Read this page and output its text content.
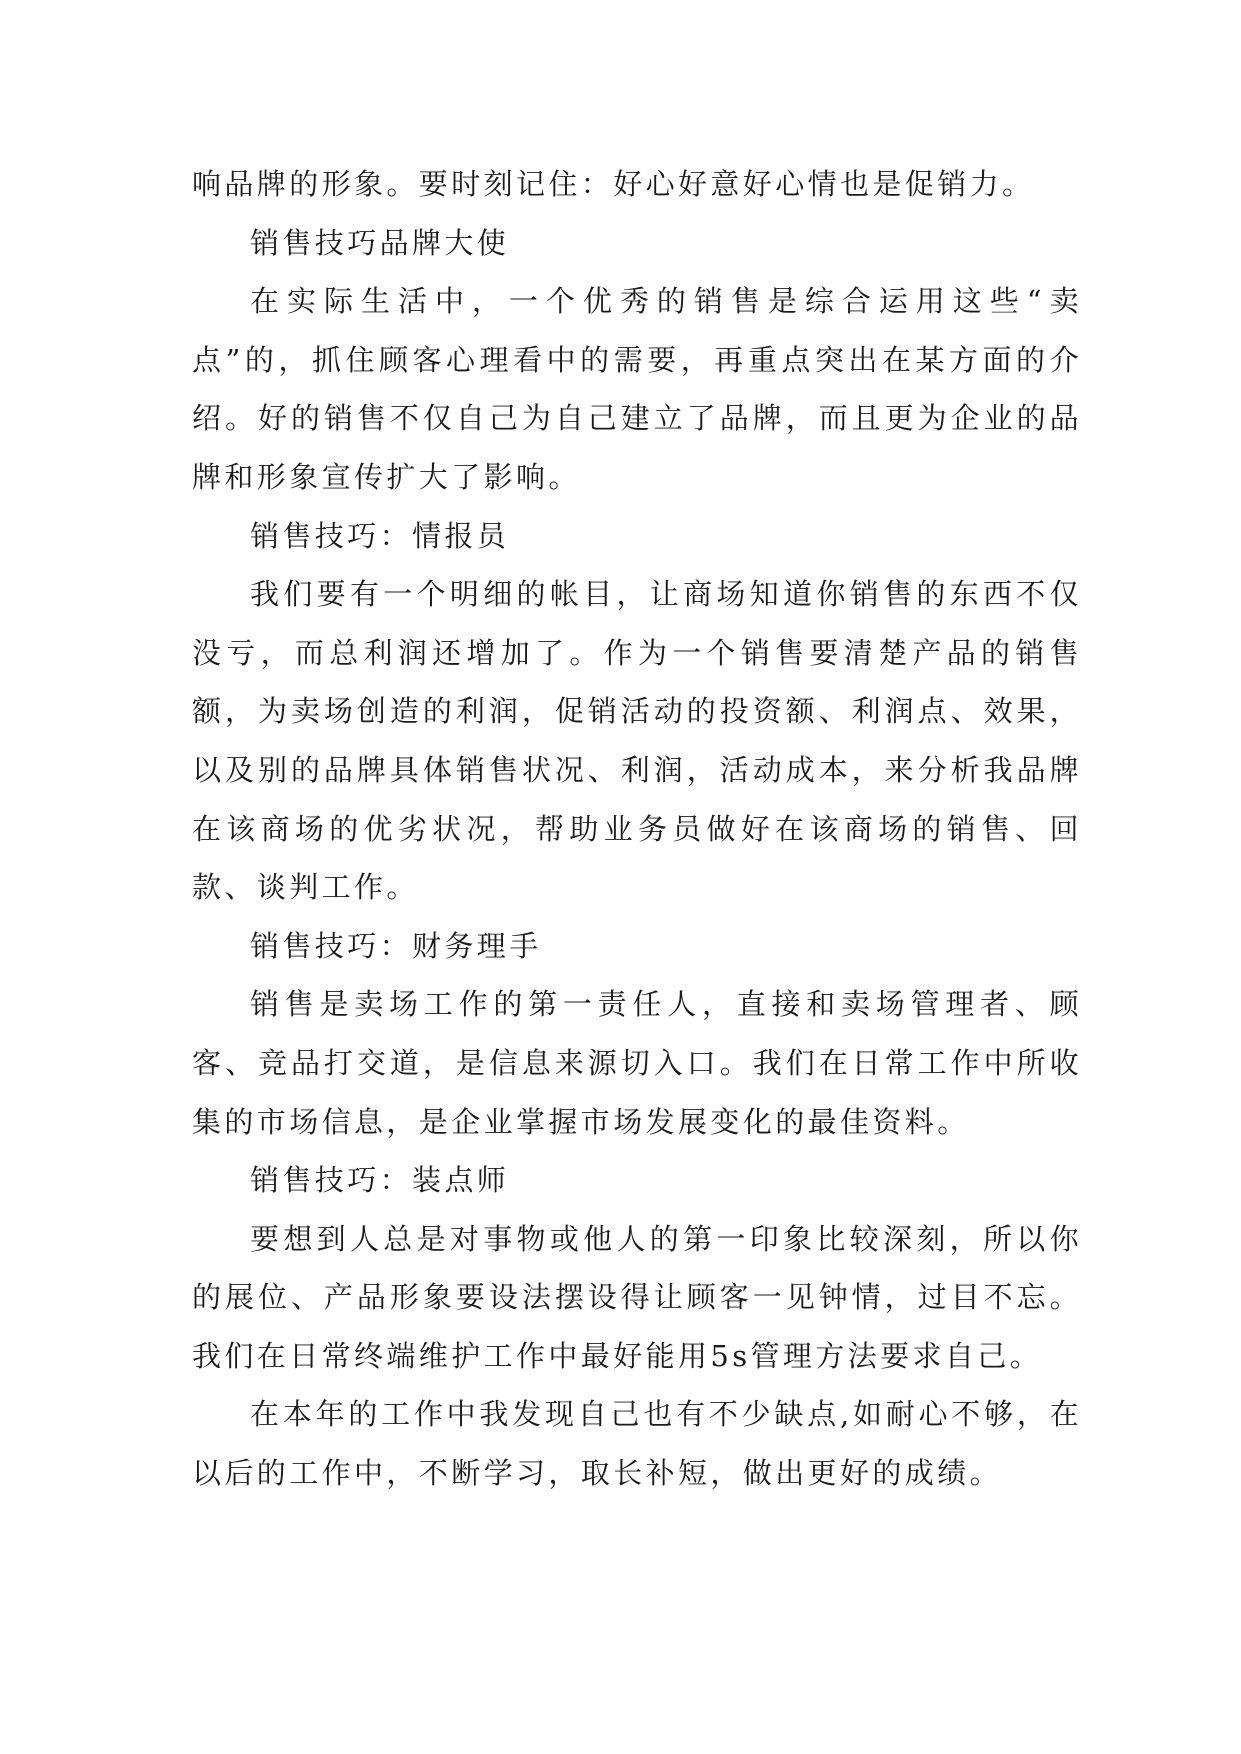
响品牌的形象。要时刻记住：好心好意好心情也是促销力。

销售技巧品牌大使

在实际生活中，一个优秀的销售是综合运用这些“卖点”的，抓住顾客心理看中的需要，再重点突出在某方面的介绍。好的销售不仅自己为自己建立了品牌，而且更为企业的品牌和形象宣传扩大了影响。

销售技巧：情报员

我们要有一个明细的帐目，让商场知道你销售的东西不仅没亏，而总利润还增加了。作为一个销售要清楚产品的销售额，为卖场创造的利润，促销活动的投资额、利润点、效果，以及别的品牌具体销售状况、利润，活动成本，来分析我品牌在该商场的优劣状况，帮助业务员做好在该商场的销售、回款、谈判工作。

销售技巧：财务理手

销售是卖场工作的第一责任人，直接和卖场管理者、顾客、竞品打交道，是信息来源切入口。我们在日常工作中所收集的市场信息，是企业掌握市场发展变化的最佳资料。

销售技巧：装点师

要想到人总是对事物或他人的第一印象比较深刻，所以你的展位、产品形象要设法摆设得让顾客一见钟情，过目不忘。我们在日常终端维护工作中最好能用5s管理方法要求自己。

在本年的工作中我发现自己也有不少缺点,如耐心不够，在以后的工作中，不断学习，取长补短，做出更好的成绩。
